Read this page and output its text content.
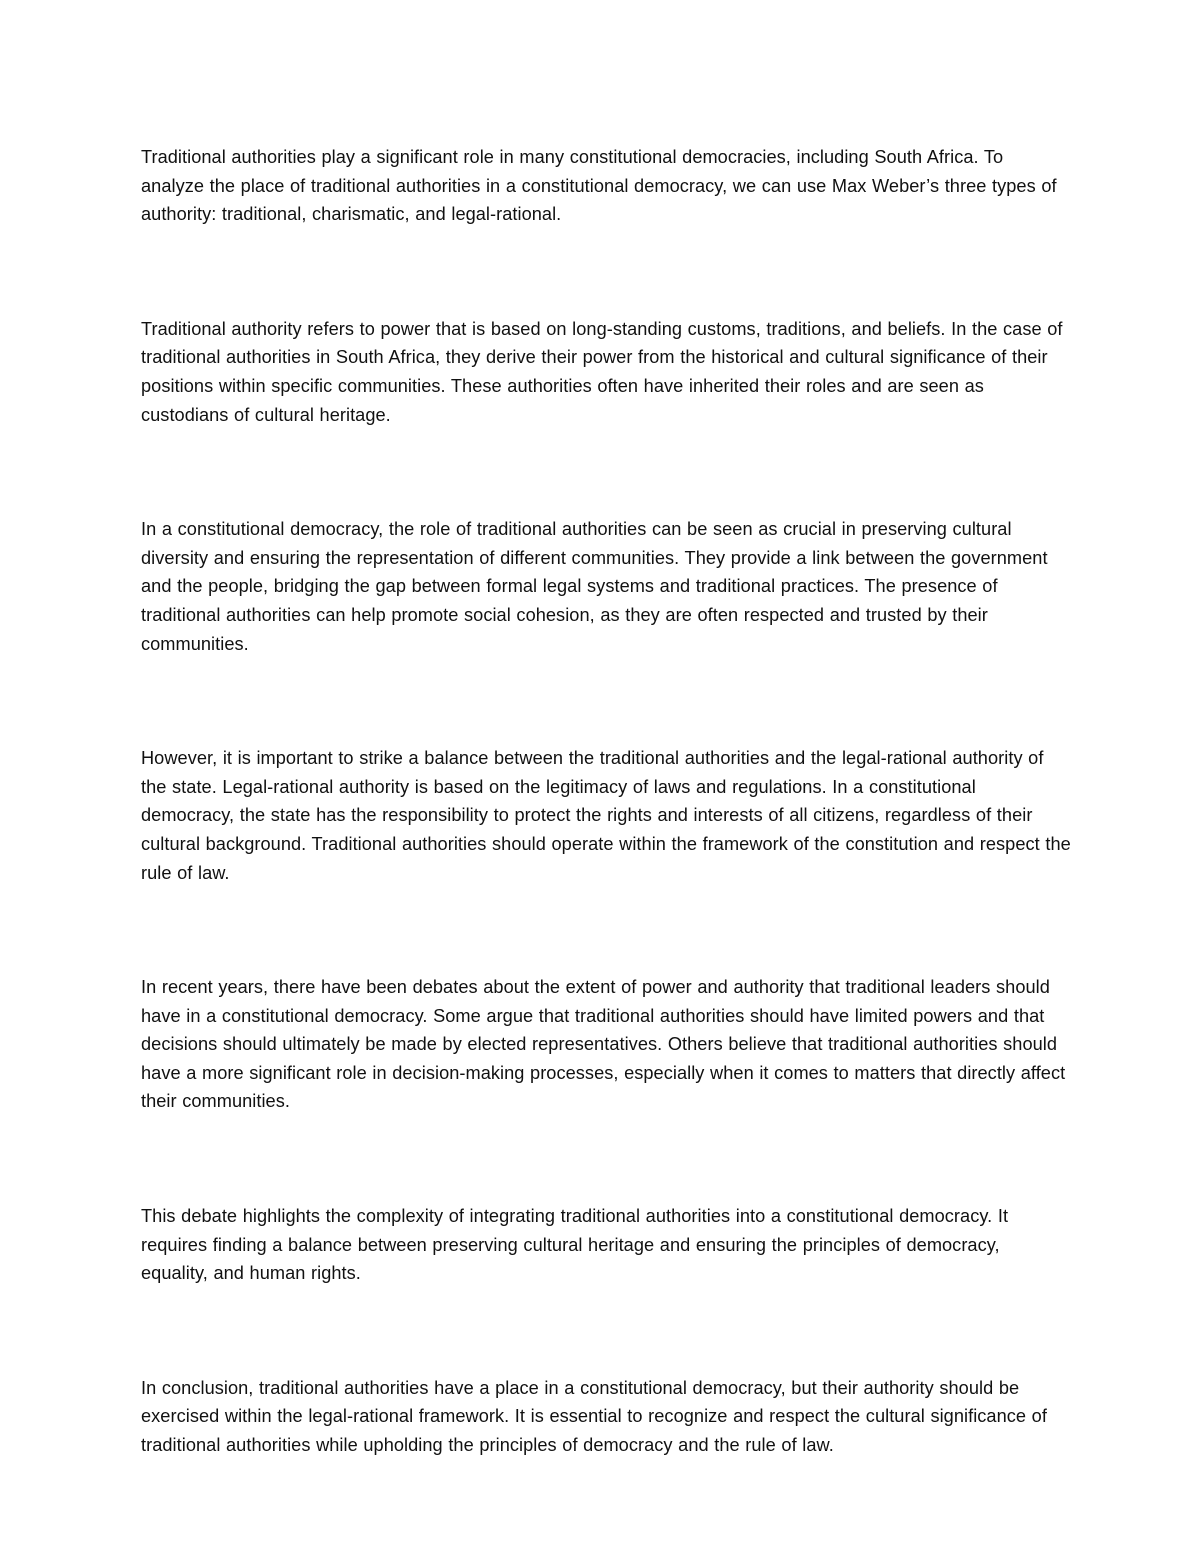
Traditional authorities play a significant role in many constitutional democracies, including South Africa. To analyze the place of traditional authorities in a constitutional democracy, we can use Max Weber’s three types of authority: traditional, charismatic, and legal-rational.

Traditional authority refers to power that is based on long-standing customs, traditions, and beliefs. In the case of traditional authorities in South Africa, they derive their power from the historical and cultural significance of their positions within specific communities. These authorities often have inherited their roles and are seen as custodians of cultural heritage.

In a constitutional democracy, the role of traditional authorities can be seen as crucial in preserving cultural diversity and ensuring the representation of different communities. They provide a link between the government and the people, bridging the gap between formal legal systems and traditional practices. The presence of traditional authorities can help promote social cohesion, as they are often respected and trusted by their communities.

However, it is important to strike a balance between the traditional authorities and the legal-rational authority of the state. Legal-rational authority is based on the legitimacy of laws and regulations. In a constitutional democracy, the state has the responsibility to protect the rights and interests of all citizens, regardless of their cultural background. Traditional authorities should operate within the framework of the constitution and respect the rule of law.

In recent years, there have been debates about the extent of power and authority that traditional leaders should have in a constitutional democracy. Some argue that traditional authorities should have limited powers and that decisions should ultimately be made by elected representatives. Others believe that traditional authorities should have a more significant role in decision-making processes, especially when it comes to matters that directly affect their communities.

This debate highlights the complexity of integrating traditional authorities into a constitutional democracy. It requires finding a balance between preserving cultural heritage and ensuring the principles of democracy, equality, and human rights.

In conclusion, traditional authorities have a place in a constitutional democracy, but their authority should be exercised within the legal-rational framework. It is essential to recognize and respect the cultural significance of traditional authorities while upholding the principles of democracy and the rule of law.
